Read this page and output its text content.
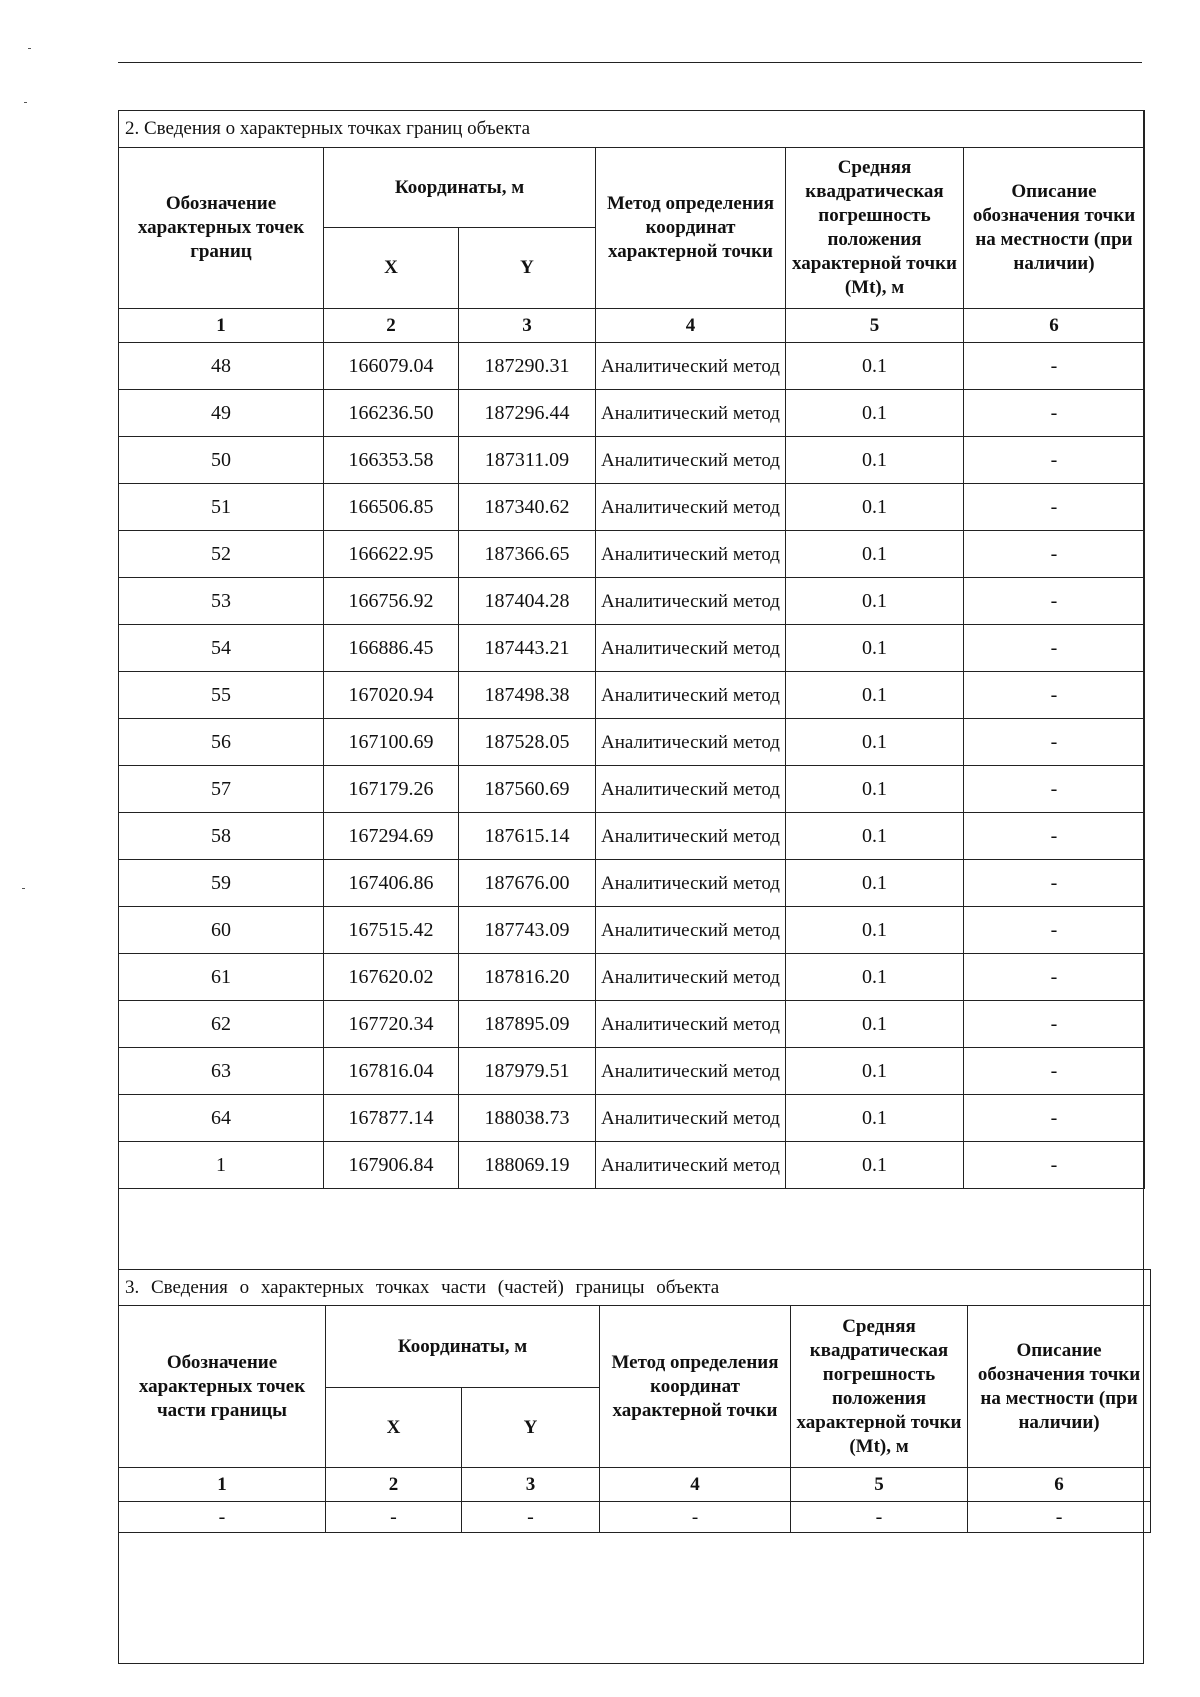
2. Сведения о характерных точках границ объекта					
Обозначение характерных точек границ	Координаты, м		Метод определения координат характерной точки	Средняя квадратическая погрешность положения характерной точки (Mt), м	Описание обозначения точки на местности (при наличии)
	X	Y			
1	2	3	4	5	6
48	166079.04	187290.31	Аналитический метод	0.1	-
49	166236.50	187296.44	Аналитический метод	0.1	-
50	166353.58	187311.09	Аналитический метод	0.1	-
51	166506.85	187340.62	Аналитический метод	0.1	-
52	166622.95	187366.65	Аналитический метод	0.1	-
53	166756.92	187404.28	Аналитический метод	0.1	-
54	166886.45	187443.21	Аналитический метод	0.1	-
55	167020.94	187498.38	Аналитический метод	0.1	-
56	167100.69	187528.05	Аналитический метод	0.1	-
57	167179.26	187560.69	Аналитический метод	0.1	-
58	167294.69	187615.14	Аналитический метод	0.1	-
59	167406.86	187676.00	Аналитический метод	0.1	-
60	167515.42	187743.09	Аналитический метод	0.1	-
61	167620.02	187816.20	Аналитический метод	0.1	-
62	167720.34	187895.09	Аналитический метод	0.1	-
63	167816.04	187979.51	Аналитический метод	0.1	-
64	167877.14	188038.73	Аналитический метод	0.1	-
1	167906.84	188069.19	Аналитический метод	0.1	-
3. Сведения о характерных точках части (частей) границы объекта					
Обозначение характерных точек части границы	Координаты, м		Метод определения координат характерной точки	Средняя квадратическая погрешность положения характерной точки (Mt), м	Описание обозначения точки на местности (при наличии)
	X	Y			
1	2	3	4	5	6
-	-	-	-	-	-
